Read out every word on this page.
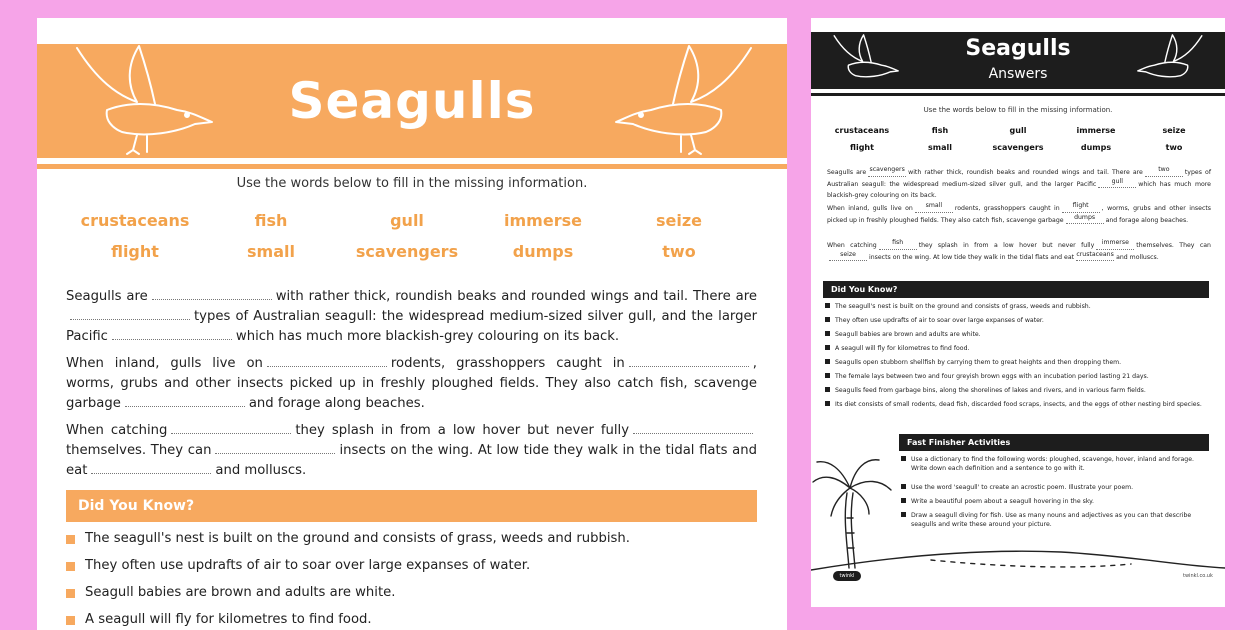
Seagulls
Use the words below to fill in the missing information.
crustaceans	fish	gull	immerse	seize
flight	small	scavengers	dumps	two

Seagulls are	with rather thick, roundish beaks and rounded wings and tail. There aretypes of Australian seagull: the widespread medium-sized silver gull, and the larger Pacific	which has much more blackish-grey colouring on its back.

When inland, gulls live on	rodents, grasshoppers caught in	, worms, grubs and other insects picked up in freshly ploughed fields. They also catch fish, scavenge garbage	and forage along beaches.

When catching	they splash in from a low hover but never fullythemselves. They can	insects on the wing. At low tide they walk in the tidal flats and eat	and molluscs.

Did You Know?
The seagull's nest is built on the ground and consists of grass, weeds and rubbish.
They often use updrafts of air to soar over large expanses of water.
Seagull babies are brown and adults are white.
A seagull will fly for kilometres to find food.
Seagulls
Answers
Use the words below to fill in the missing information.
crustaceans	fish	gull	immerse	seize
flight	small	scavengers	dumps	two

Seagulls are scavengers with rather thick, roundish beaks and rounded wings and tail. There are two types of Australian seagull: the widespread medium-sized silver gull, and the larger Pacific gull which has much more blackish-grey colouring on its back.

When inland, gulls live on small rodents, grasshoppers caught in flight , worms, grubs and other insects picked up in freshly ploughed fields. They also catch fish, scavenge garbage dumps and forage along beaches.

When catching fish they splash in from a low hover but never fully immerse themselves. They canseize insects on the wing. At low tide they walk in the tidal flats and eat crustaceans and molluscs.

Did You Know?
The seagull's nest is built on the ground and consists of grass, weeds and rubbish.
They often use updrafts of air to soar over large expanses of water.
Seagull babies are brown and adults are white.
A seagull will fly for kilometres to find food.
Seagulls open stubborn shellfish by carrying them to great heights and then dropping them.
The female lays between two and four greyish brown eggs with an incubation period lasting 21 days.
Seagulls feed from garbage bins, along the shorelines of lakes and rivers, and in various farm fields.
Its diet consists of small rodents, dead fish, discarded food scraps, insects, and the eggs of other nesting bird species.
Fast Finisher Activities
Use a dictionary to find the following words: ploughed, scavenge, hover, inland and forage. Write down each definition and a sentence to go with it.
Use the word 'seagull' to create an acrostic poem. Illustrate your poem.
Write a beautiful poem about a seagull hovering in the sky.
Draw a seagull diving for fish. Use as many nouns and adjectives as you can that describe seagulls and write these around your picture.
twinkl	twinkl.co.uk
